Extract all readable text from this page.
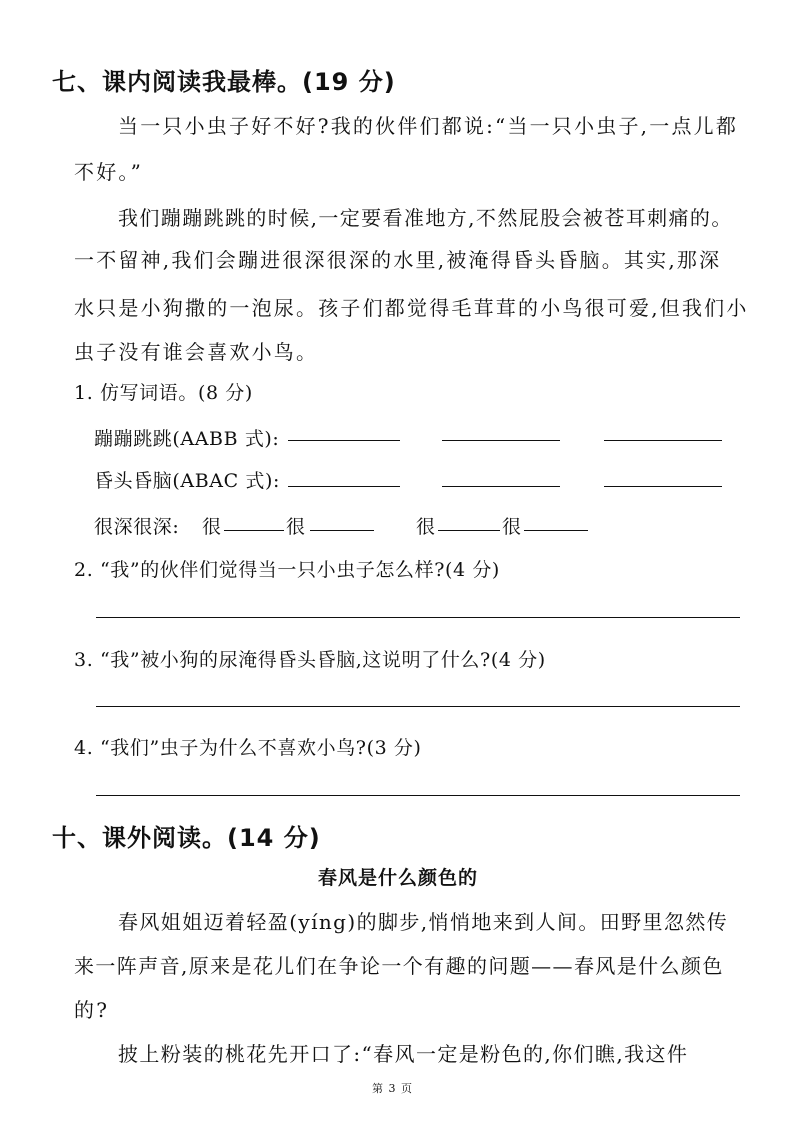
七、课内阅读我最棒。(19 分)
当一只小虫子好不好?我的伙伴们都说:“当一只小虫子,一点儿都
不好。”
我们蹦蹦跳跳的时候,一定要看准地方,不然屁股会被苍耳刺痛的。
一不留神,我们会蹦进很深很深的水里,被淹得昏头昏脑。其实,那深
水只是小狗撒的一泡尿。孩子们都觉得毛茸茸的小鸟很可爱,但我们小
虫子没有谁会喜欢小鸟。
1. 仿写词语。(8 分)
蹦蹦跳跳(AABB 式):
昏头昏脑(ABAC 式):
很深很深: 很	很	很	很
2. “我”的伙伴们觉得当一只小虫子怎么样?(4 分)
3. “我”被小狗的尿淹得昏头昏脑,这说明了什么?(4 分)
4. “我们”虫子为什么不喜欢小鸟?(3 分)
十、课外阅读。(14 分)
春风是什么颜色的
春风姐姐迈着轻盈(yíng)的脚步,悄悄地来到人间。田野里忽然传
来一阵声音,原来是花儿们在争论一个有趣的问题——春风是什么颜色
的?
披上粉装的桃花先开口了:“春风一定是粉色的,你们瞧,我这件
第 3 页
